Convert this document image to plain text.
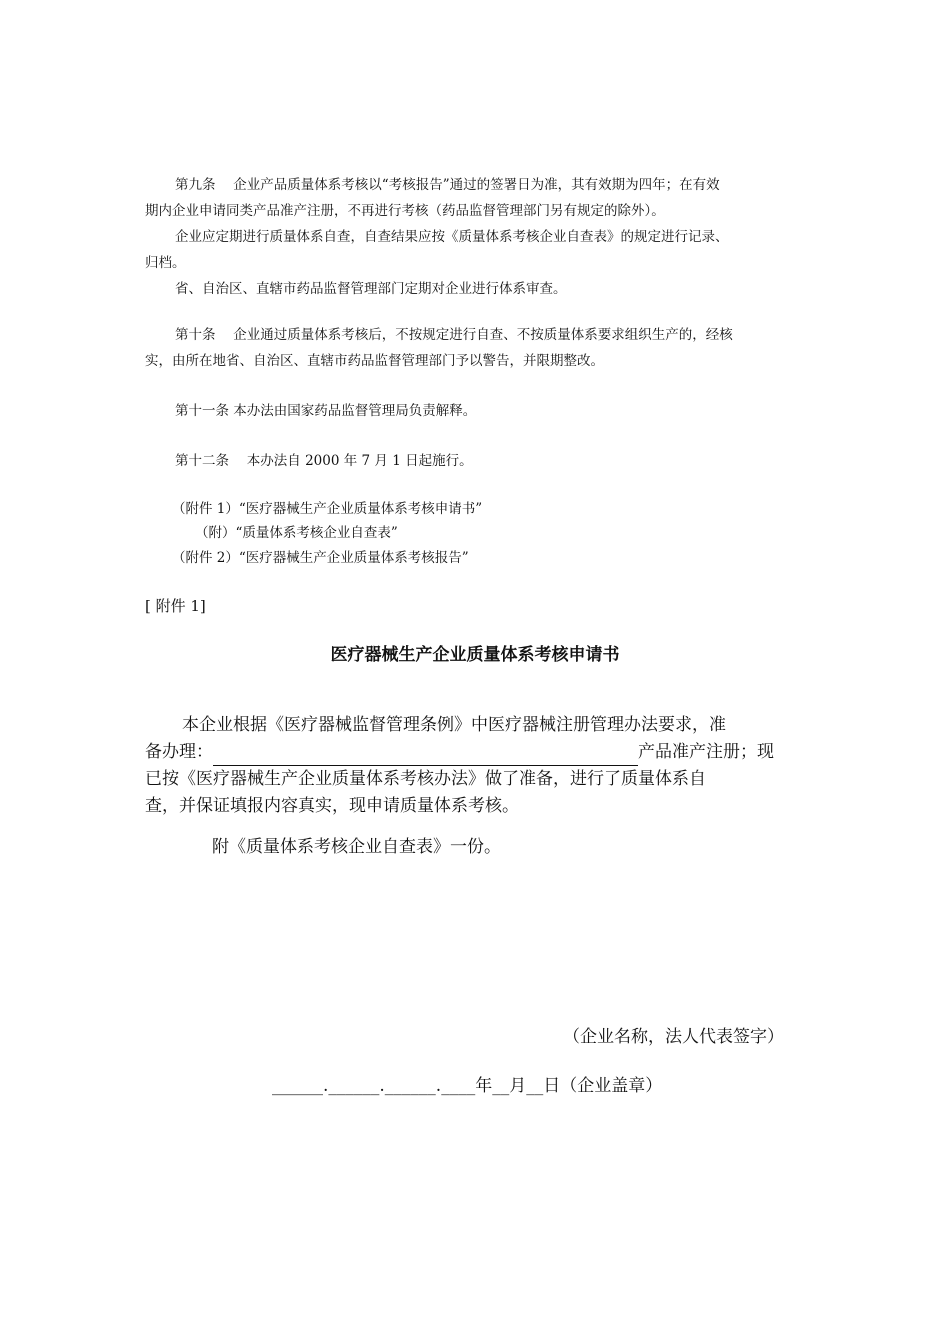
第九条　 企业产品质量体系考核以“考核报告”通过的签署日为准，其有效期为四年；在有效
期内企业申请同类产品准产注册，不再进行考核（药品监督管理部门另有规定的除外）。
企业应定期进行质量体系自查，自查结果应按《质量体系考核企业自查表》的规定进行记录、
归档。
省、自治区、直辖市药品监督管理部门定期对企业进行体系审查。
第十条　 企业通过质量体系考核后，不按规定进行自查、不按质量体系要求组织生产的，经核
实，由所在地省、自治区、直辖市药品监督管理部门予以警告，并限期整改。
第十一条 本办法由国家药品监督管理局负责解释。
第十二条　 本办法自 2000 年 7 月 1 日起施行。
（附件 1）“医疗器械生产企业质量体系考核申请书”
（附）“质量体系考核企业自查表”
（附件 2）“医疗器械生产企业质量体系考核报告”
[ 附件 1]
医疗器械生产企业质量体系考核申请书
本企业根据《医疗器械监督管理条例》中医疗器械注册管理办法要求，准
备办理：	产品准产注册；现
已按《医疗器械生产企业质量体系考核办法》做了准备，进行了质量体系自
查，并保证填报内容真实，现申请质量体系考核。
附《质量体系考核企业自查表》一份。
（企业名称，法人代表签字）
______.______.______.____年__月__日（企业盖章）
